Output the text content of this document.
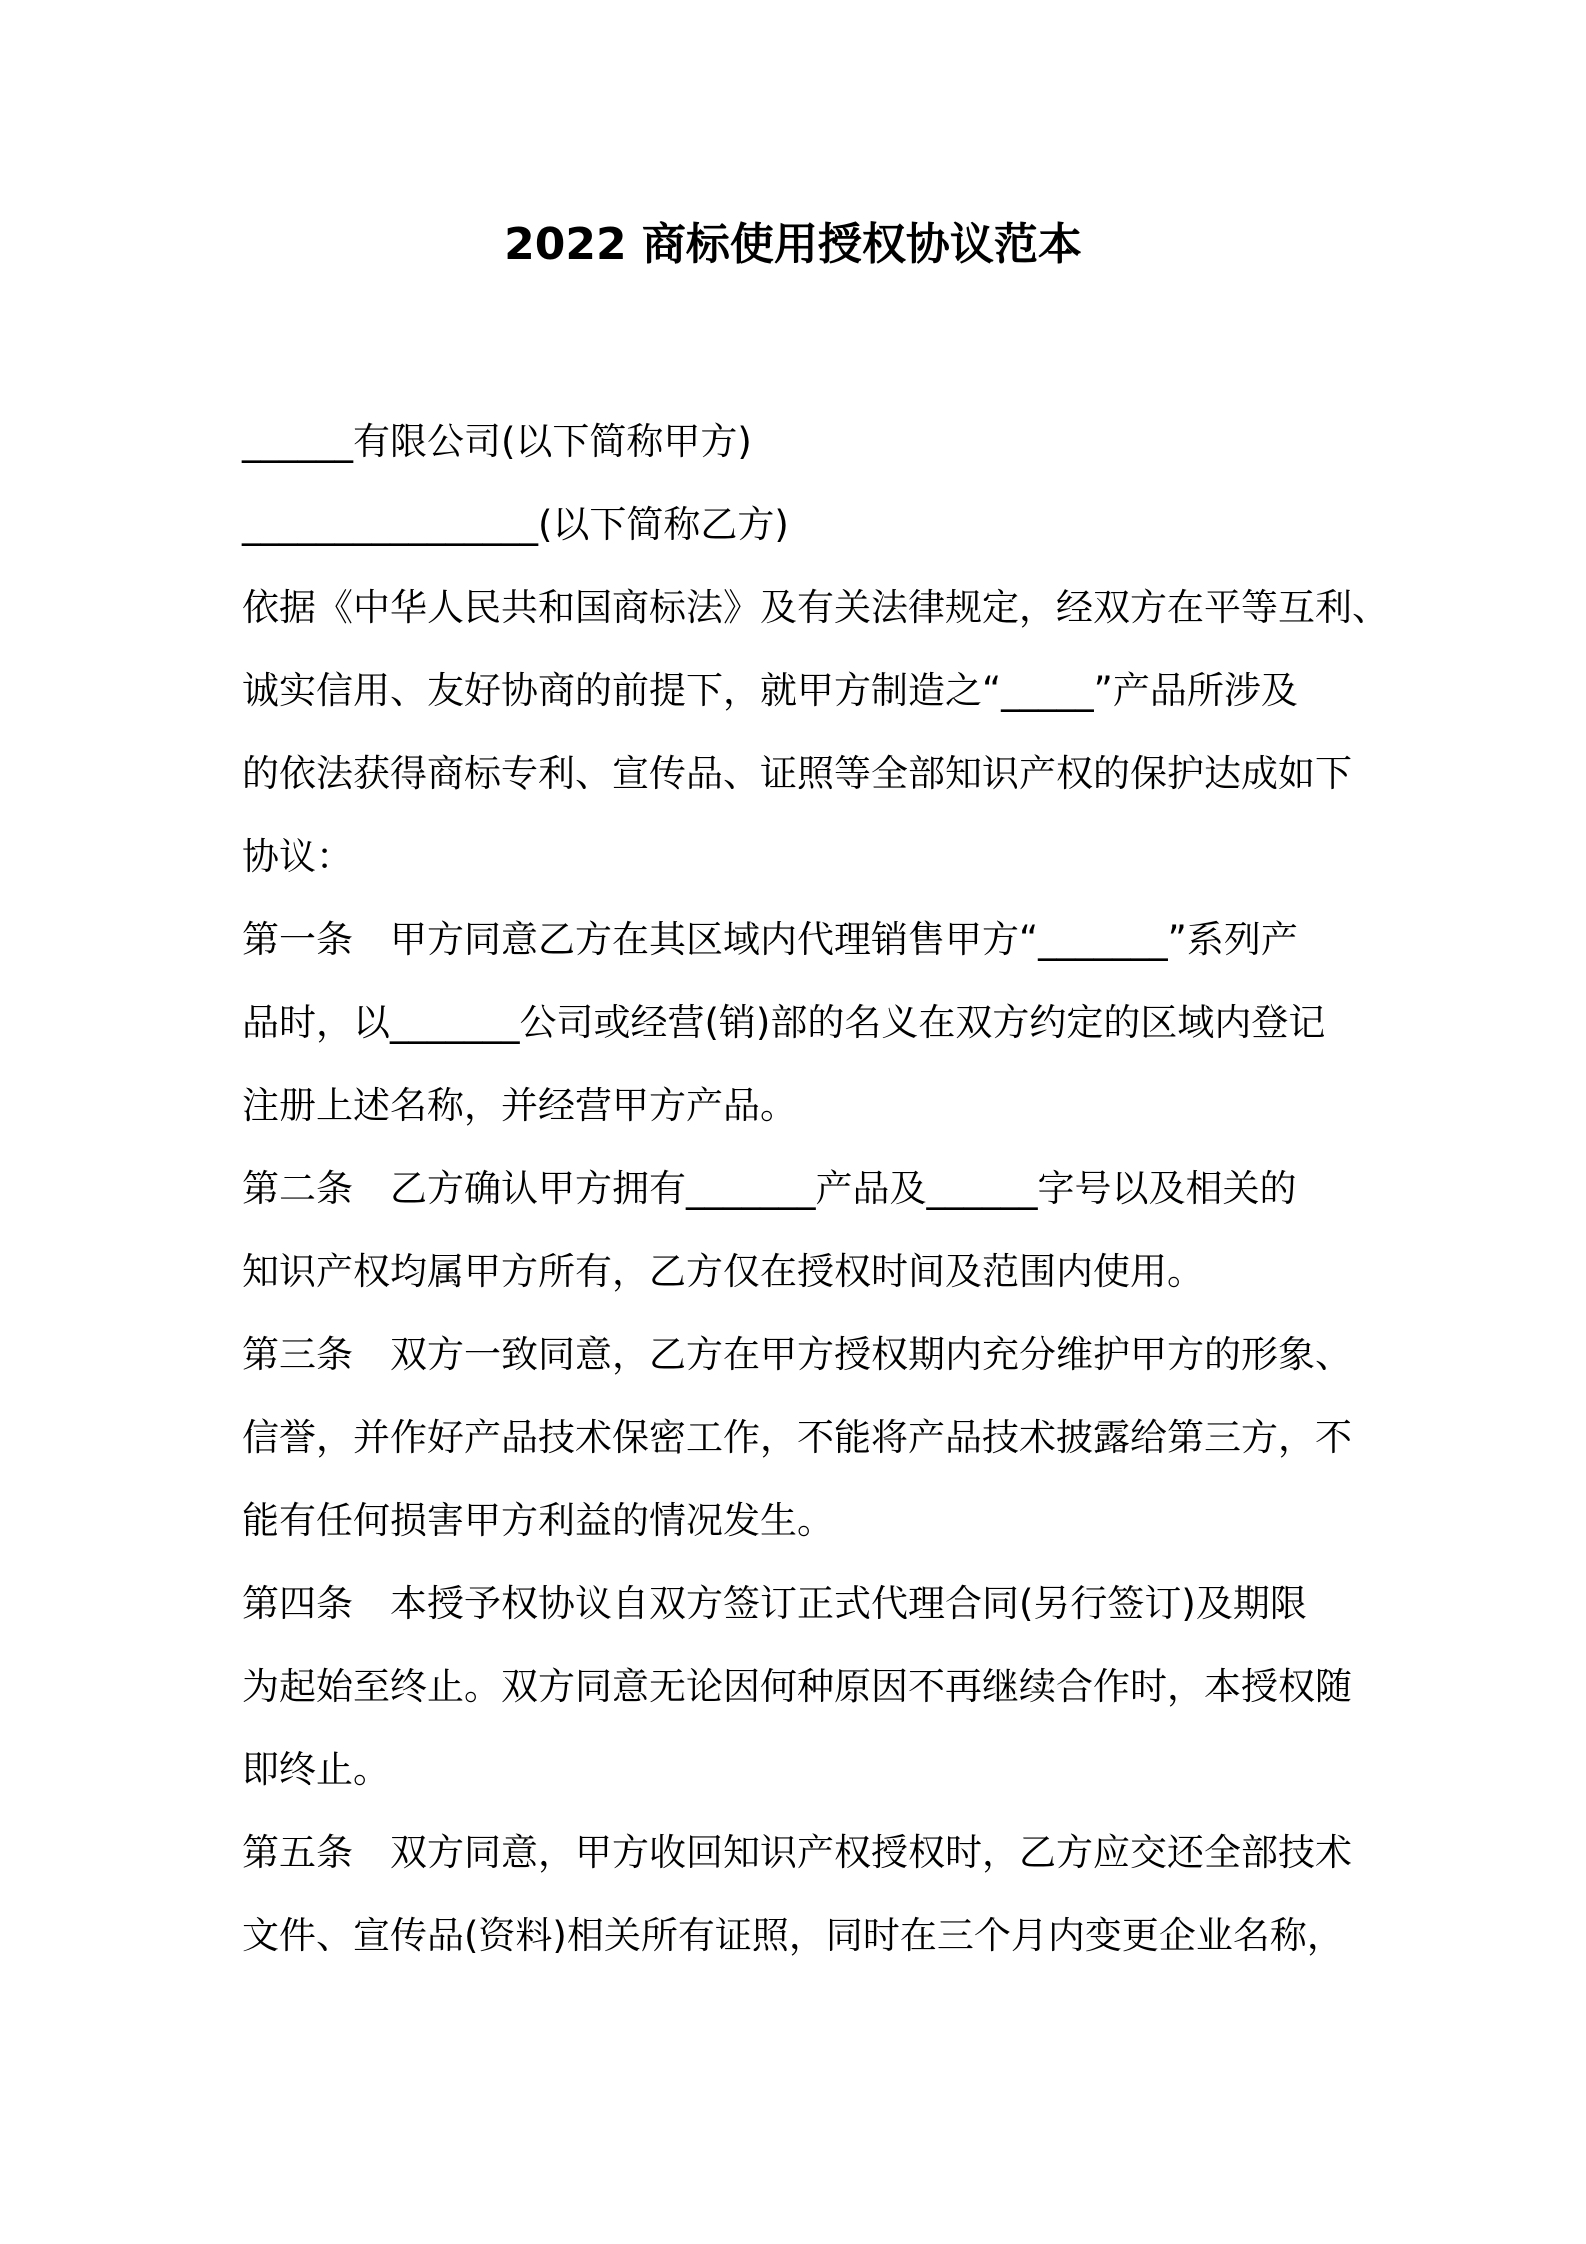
2022 商标使用授权协议范本
______有限公司(以下简称甲方)
________________(以下简称乙方)
依据《中华人民共和国商标法》及有关法律规定，经双方在平等互利、
诚实信用、友好协商的前提下，就甲方制造之“_____”产品所涉及
的依法获得商标专利、宣传品、证照等全部知识产权的保护达成如下
协议：
第一条　甲方同意乙方在其区域内代理销售甲方“_______”系列产
品时，以_______公司或经营(销)部的名义在双方约定的区域内登记
注册上述名称，并经营甲方产品。
第二条　乙方确认甲方拥有_______产品及______字号以及相关的
知识产权均属甲方所有，乙方仅在授权时间及范围内使用。
第三条　双方一致同意，乙方在甲方授权期内充分维护甲方的形象、
信誉，并作好产品技术保密工作，不能将产品技术披露给第三方，不
能有任何损害甲方利益的情况发生。
第四条　本授予权协议自双方签订正式代理合同(另行签订)及期限
为起始至终止。双方同意无论因何种原因不再继续合作时，本授权随
即终止。
第五条　双方同意，甲方收回知识产权授权时，乙方应交还全部技术
文件、宣传品(资料)相关所有证照，同时在三个月内变更企业名称，
